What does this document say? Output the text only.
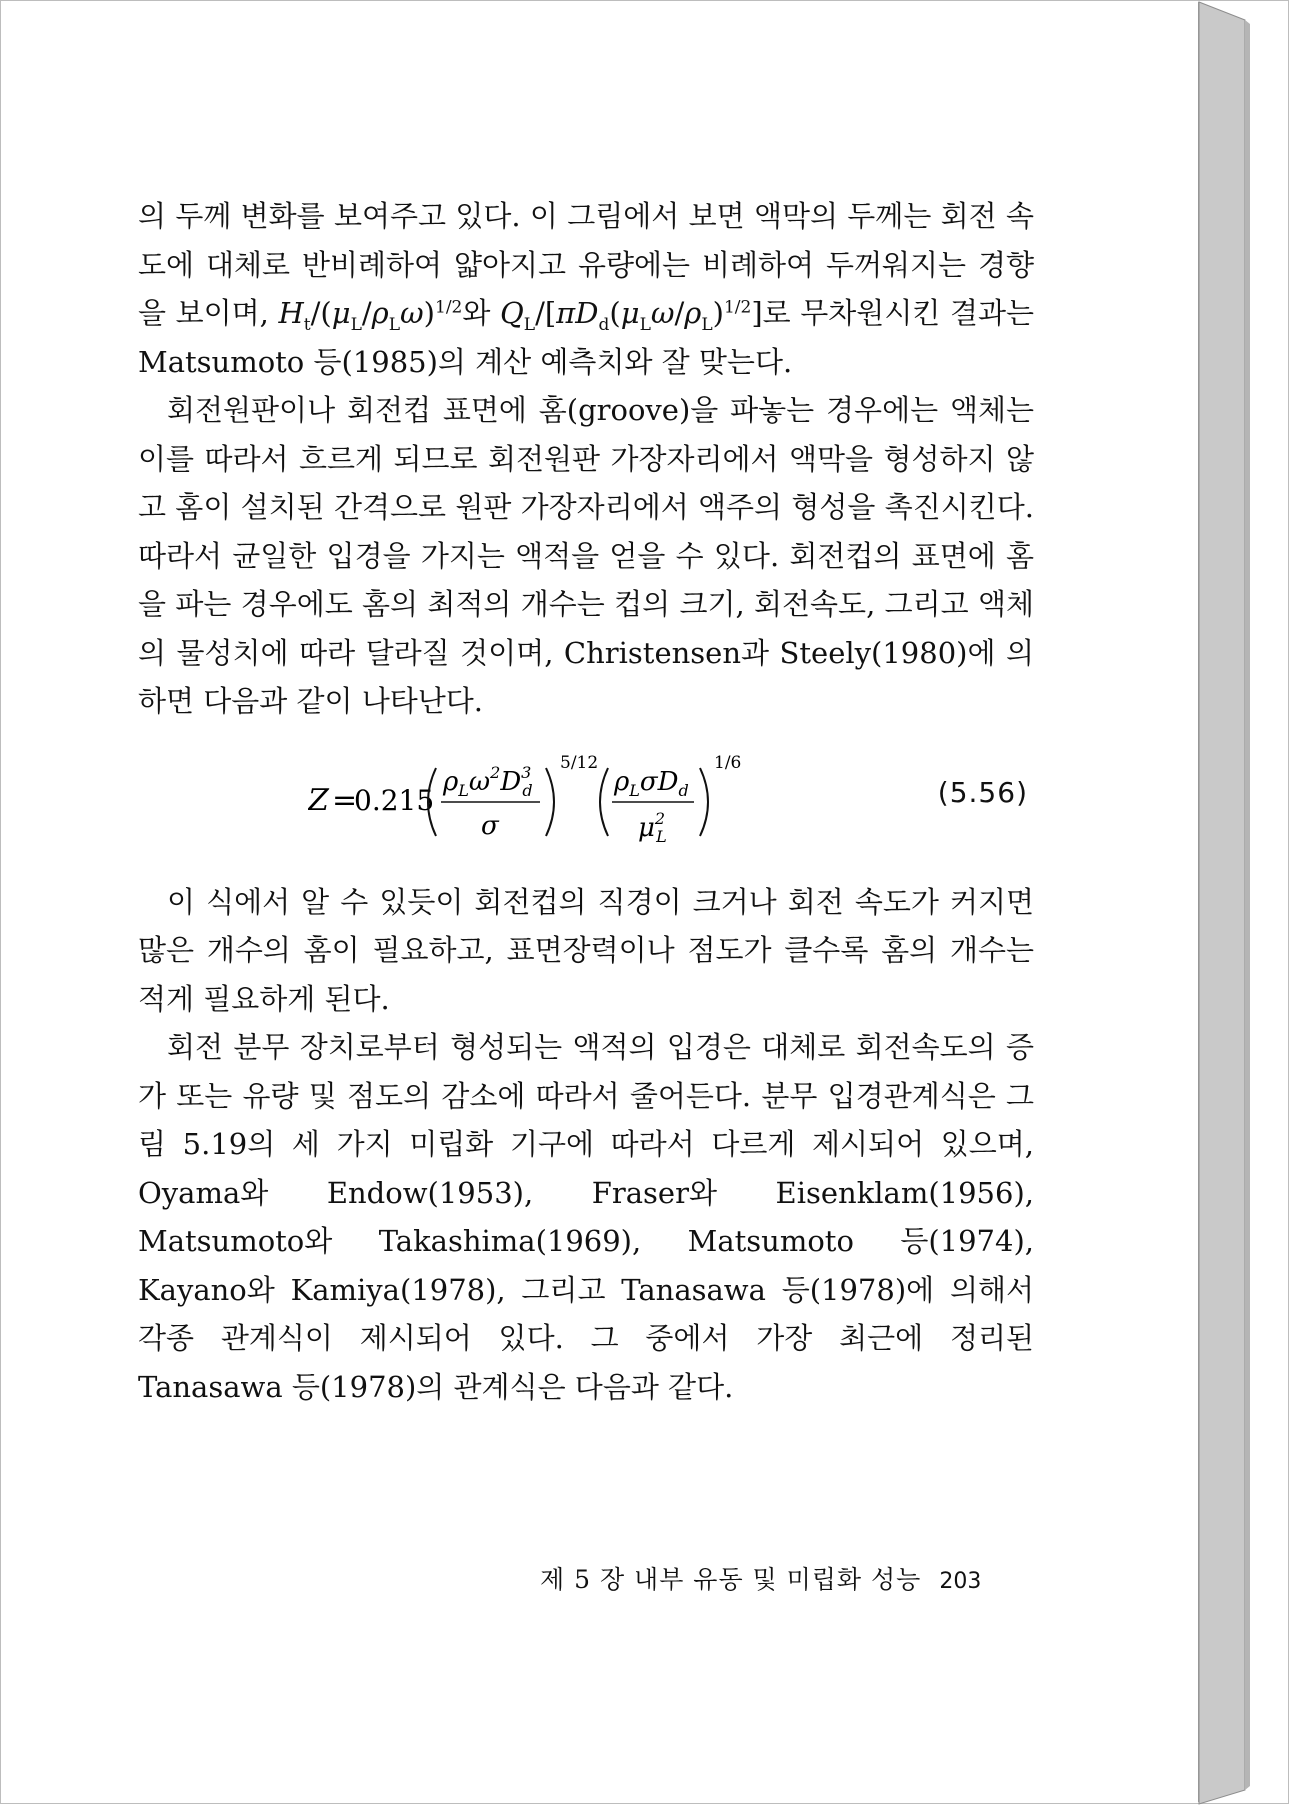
의 두께 변화를 보여주고 있다. 이 그림에서 보면 액막의 두께는 회전 속도에 대체로 반비례하여 얇아지고 유량에는 비례하여 두꺼워지는 경향을 보이며, $H_t/(\mu_L/\rho_L\omega)^{1/2}$와 $Q_L/[\pi D_d(\mu_L\omega/\rho_L)^{1/2}]$로 무차원시킨 결과는 Matsumoto 등(1985)의 계산 예측치와 잘 맞는다.

회전원판이나 회전컵 표면에 홈(groove)을 파놓는 경우에는 액체는 이를 따라서 흐르게 되므로 회전원판 가장자리에서 액막을 형성하지 않고 홈이 설치된 간격으로 원판 가장자리에서 액주의 형성을 촉진시킨다. 따라서 균일한 입경을 가지는 액적을 얻을 수 있다. 회전컵의 표면에 홈을 파는 경우에도 홈의 최적의 개수는 컵의 크기, 회전속도, 그리고 액체의 물성치에 따라 달라질 것이며, Christensen과 Steely(1980)에 의하면 다음과 같이 나타난다.

Z =
0.215
$\rho_L\omega^2D^3$ d
σ
5/12
$\rho_L\sigma D_d$
$\mu^2$ L
1/6
(5.56)

이 식에서 알 수 있듯이 회전컵의 직경이 크거나 회전 속도가 커지면 많은 개수의 홈이 필요하고, 표면장력이나 점도가 클수록 홈의 개수는 적게 필요하게 된다.

회전 분무 장치로부터 형성되는 액적의 입경은 대체로 회전속도의 증가 또는 유량 및 점도의 감소에 따라서 줄어든다. 분무 입경관계식은 그림 5.19의 세 가지 미립화 기구에 따라서 다르게 제시되어 있으며, Oyama와 Endow(1953), Fraser와 Eisenklam(1956), Matsumoto와 Takashima(1969), Matsumoto 등(1974), Kayano와 Kamiya(1978), 그리고 Tanasawa 등(1978)에 의해서 각종 관계식이 제시되어 있다. 그 중에서 가장 최근에 정리된 Tanasawa 등(1978)의 관계식은 다음과 같다.

제 5 장 내부 유동 및 미립화 성능 203
